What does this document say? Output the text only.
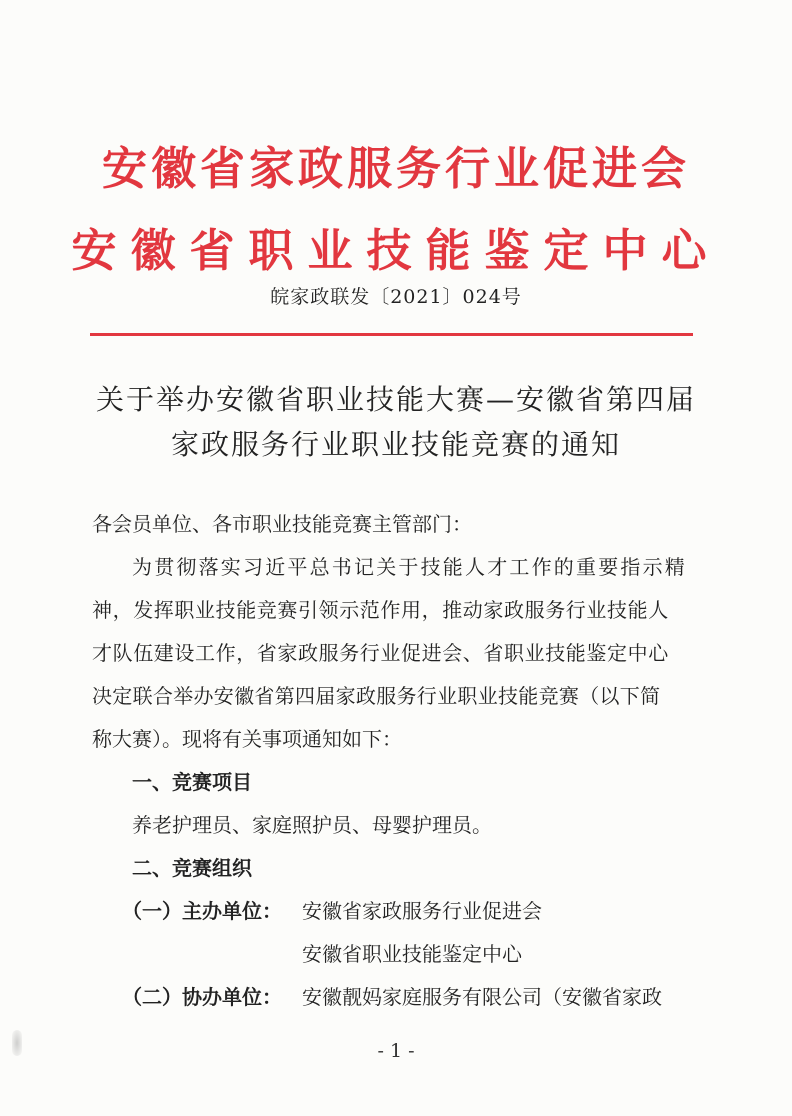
安徽省家政服务行业促进会
安徽省职业技能鉴定中心
皖家政联发〔2021〕024号
关于举办安徽省职业技能大赛—安徽省第四届
家政服务行业职业技能竞赛的通知
各会员单位、各市职业技能竞赛主管部门：
为贯彻落实习近平总书记关于技能人才工作的重要指示精
神，发挥职业技能竞赛引领示范作用，推动家政服务行业技能人
才队伍建设工作，省家政服务行业促进会、省职业技能鉴定中心
决定联合举办安徽省第四届家政服务行业职业技能竞赛（以下简
称大赛）。现将有关事项通知如下：
一、竞赛项目
养老护理员、家庭照护员、母婴护理员。
二、竞赛组织
（一）主办单位： 安徽省家政服务行业促进会
安徽省职业技能鉴定中心
（二）协办单位： 安徽靓妈家庭服务有限公司（安徽省家政
- 1 -
